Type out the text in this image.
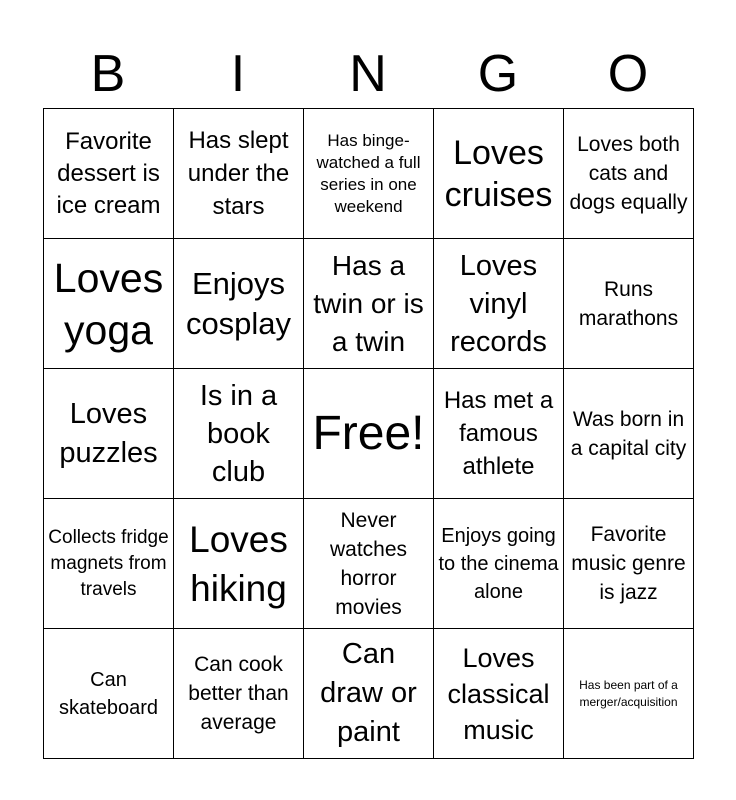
B	I	N	G	O
Favorite dessert is ice cream	Has slept under the stars	Has binge-watched a full series in one weekend	Loves cruises	Loves both cats and dogs equally
Loves yoga	Enjoys cosplay	Has a twin or is a twin	Loves vinyl records	Runs marathons
Loves puzzles	Is in a book club	Free!	Has met a famous athlete	Was born in a capital city
Collects fridge magnets from travels	Loves hiking	Never watches horror movies	Enjoys going to the cinema alone	Favorite music genre is jazz
Can skateboard	Can cook better than average	Can draw or paint	Loves classical music	Has been part of a merger/acquisition
